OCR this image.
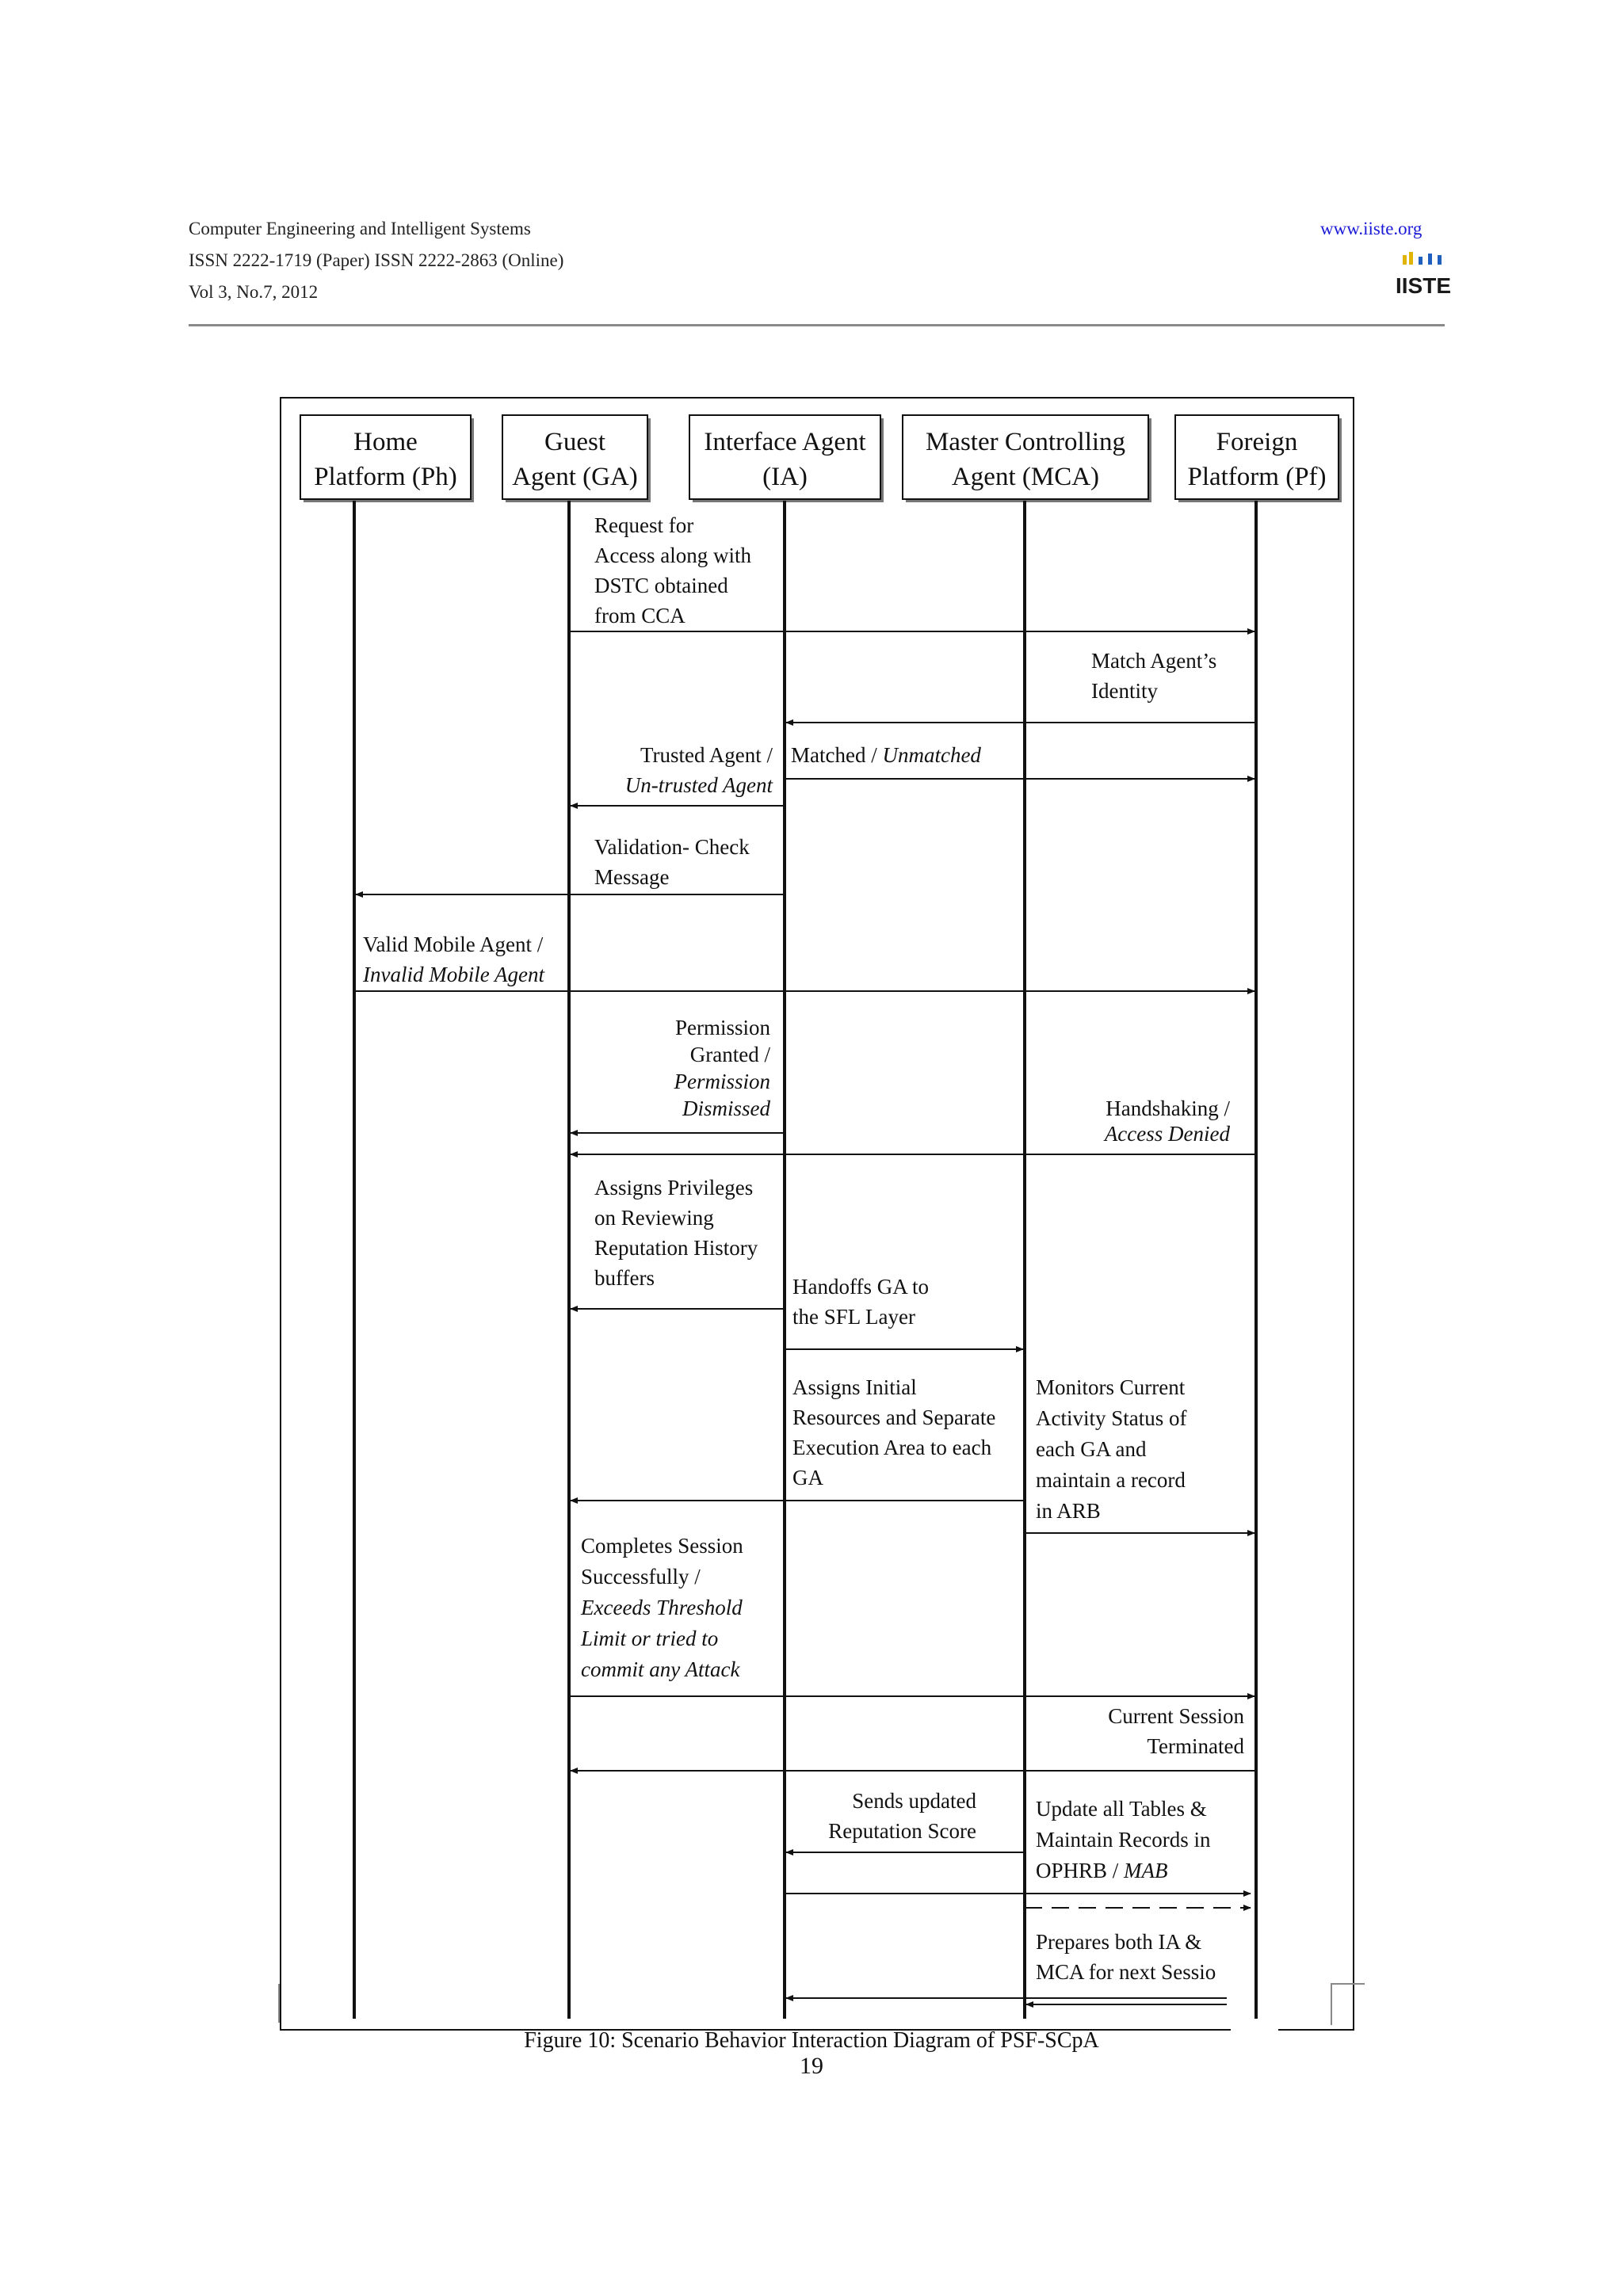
Computer Engineering and Intelligent Systems
ISSN 2222-1719 (Paper) ISSN 2222-2863 (Online)
Vol 3, No.7, 2012
www.iiste.org
IISTE
Home
Platform (Ph)
Guest
Agent (GA)
Interface Agent
(IA)
Master Controlling
Agent (MCA)
Foreign
Platform (Pf)
Request for
Access along with
DSTC obtained
from CCA
Match Agent’s
Identity
Trusted Agent /
Un-trusted Agent
Matched / Unmatched
Validation- Check
Message
Valid Mobile Agent /
Invalid Mobile Agent
Permission
Granted /
Permission
Dismissed	Handshaking /
Access Denied
Assigns Privileges
on Reviewing
Reputation History
buffers	Handoffs GA to
the SFL Layer
Assigns Initial
Resources and Separate
Execution Area to each
GA
Monitors Current
Activity Status of
each GA and
maintain a record
in ARB
Completes Session
Successfully /
Exceeds Threshold
Limit or tried to
commit any Attack
Current Session
Terminated
Sends updated
Reputation Score
Update all Tables &
Maintain Records in
OPHRB / MAB
Prepares both IA &
MCA for next Sessio
Figure 10: Scenario Behavior Interaction Diagram of PSF-SCpA
19
